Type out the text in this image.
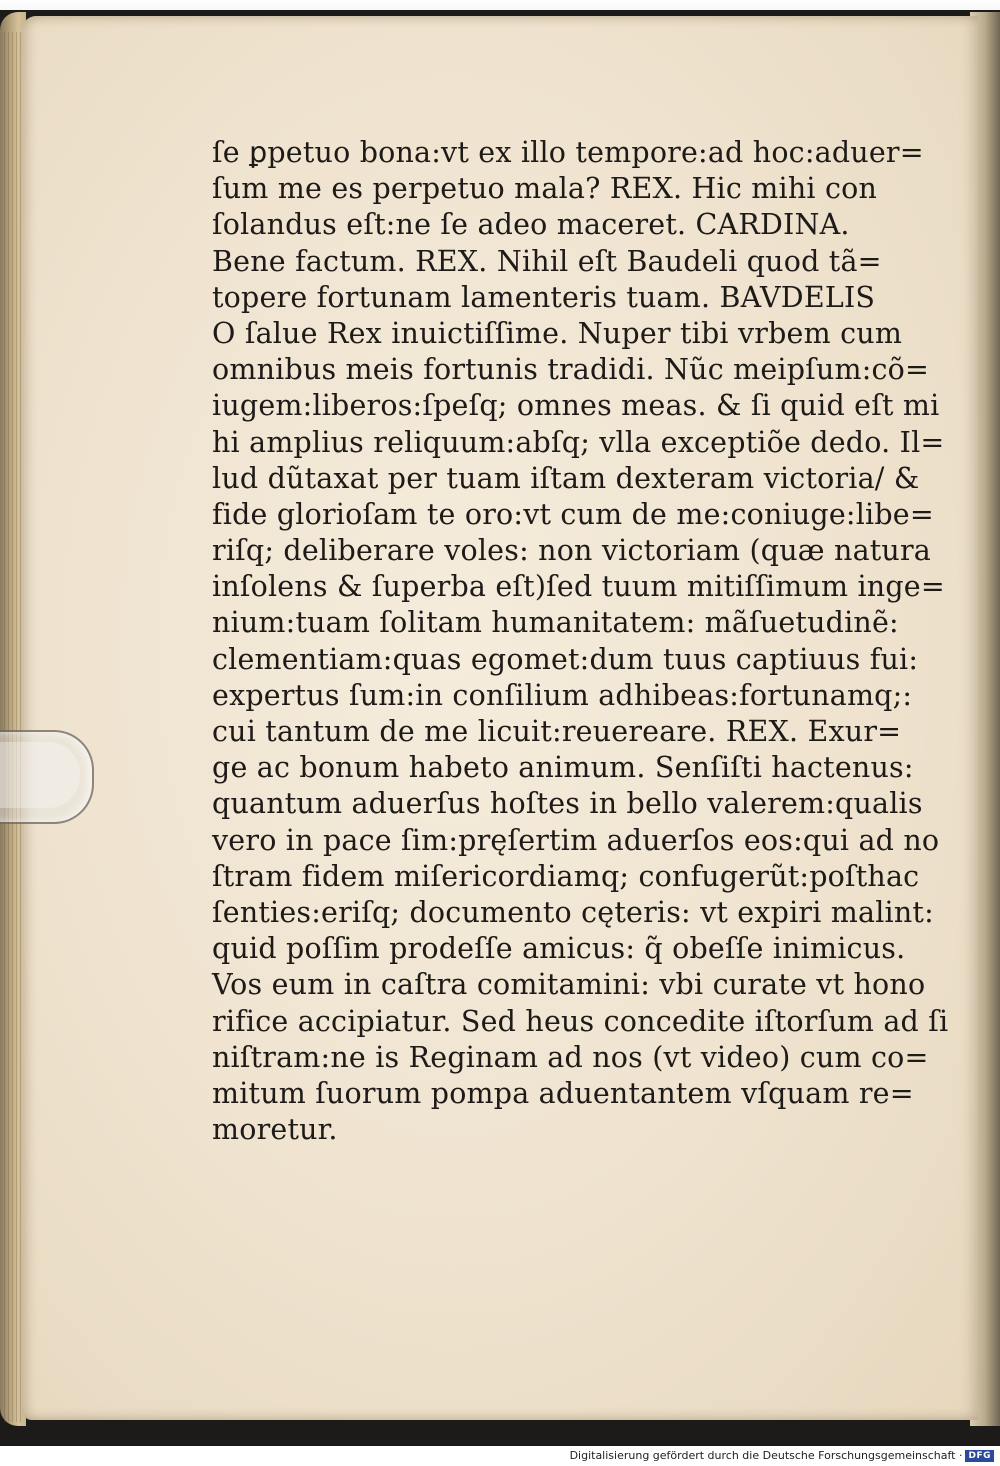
ſe ꝑpetuo bona:vt ex illo tempore:ad hoc:aduer=
ſum me es perpetuo mala? REX. Hic mihi con
ſolandus eſt:ne ſe adeo maceret. CARDINA.
Bene factum. REX. Nihil eſt Baudeli quod tã=
topere fortunam lamenteris tuam. BAVDELIS
O ſalue Rex inuictiſſime. Nuper tibi vrbem cum
omnibus meis fortunis tradidi. Nũc meipſum:cõ=
iugem:liberos:ſpeſq; omnes meas. & ſi quid eſt mi
hi amplius reliquum:abſq; vlla exceptiõe dedo. Il=
lud dũtaxat per tuam iſtam dexteram victoria/ &
fide glorioſam te oro:vt cum de me:coniuge:libe=
riſq; deliberare voles: non victoriam (quæ natura
inſolens & ſuperba eſt)ſed tuum mitiſſimum inge=
nium:tuam ſolitam humanitatem: mãſuetudinẽ:
clementiam:quas egomet:dum tuus captiuus fui:
expertus ſum:in conſilium adhibeas:fortunamq;:
cui tantum de me licuit:reuereare. REX. Exur=
ge ac bonum habeto animum. Senſiſti hactenus:
quantum aduerſus hoſtes in bello valerem:qualis
vero in pace ſim:pręſertim aduerſos eos:qui ad no
ſtram fidem miſericordiamq; confugerũt:poſthac
ſenties:eriſq; documento cęteris: vt expiri malint:
quid poſſim prodeſſe amicus: q̃ obeſſe inimicus.
Vos eum in caſtra comitamini: vbi curate vt hono
rifice accipiatur. Sed heus concedite iſtorſum ad ſi
niſtram:ne is Reginam ad nos (vt video) cum co=
mitum ſuorum pompa aduentantem vſquam re=
moretur.
Digitalisierung gefördert durch die Deutsche Forschungsgemeinschaft · DFG
